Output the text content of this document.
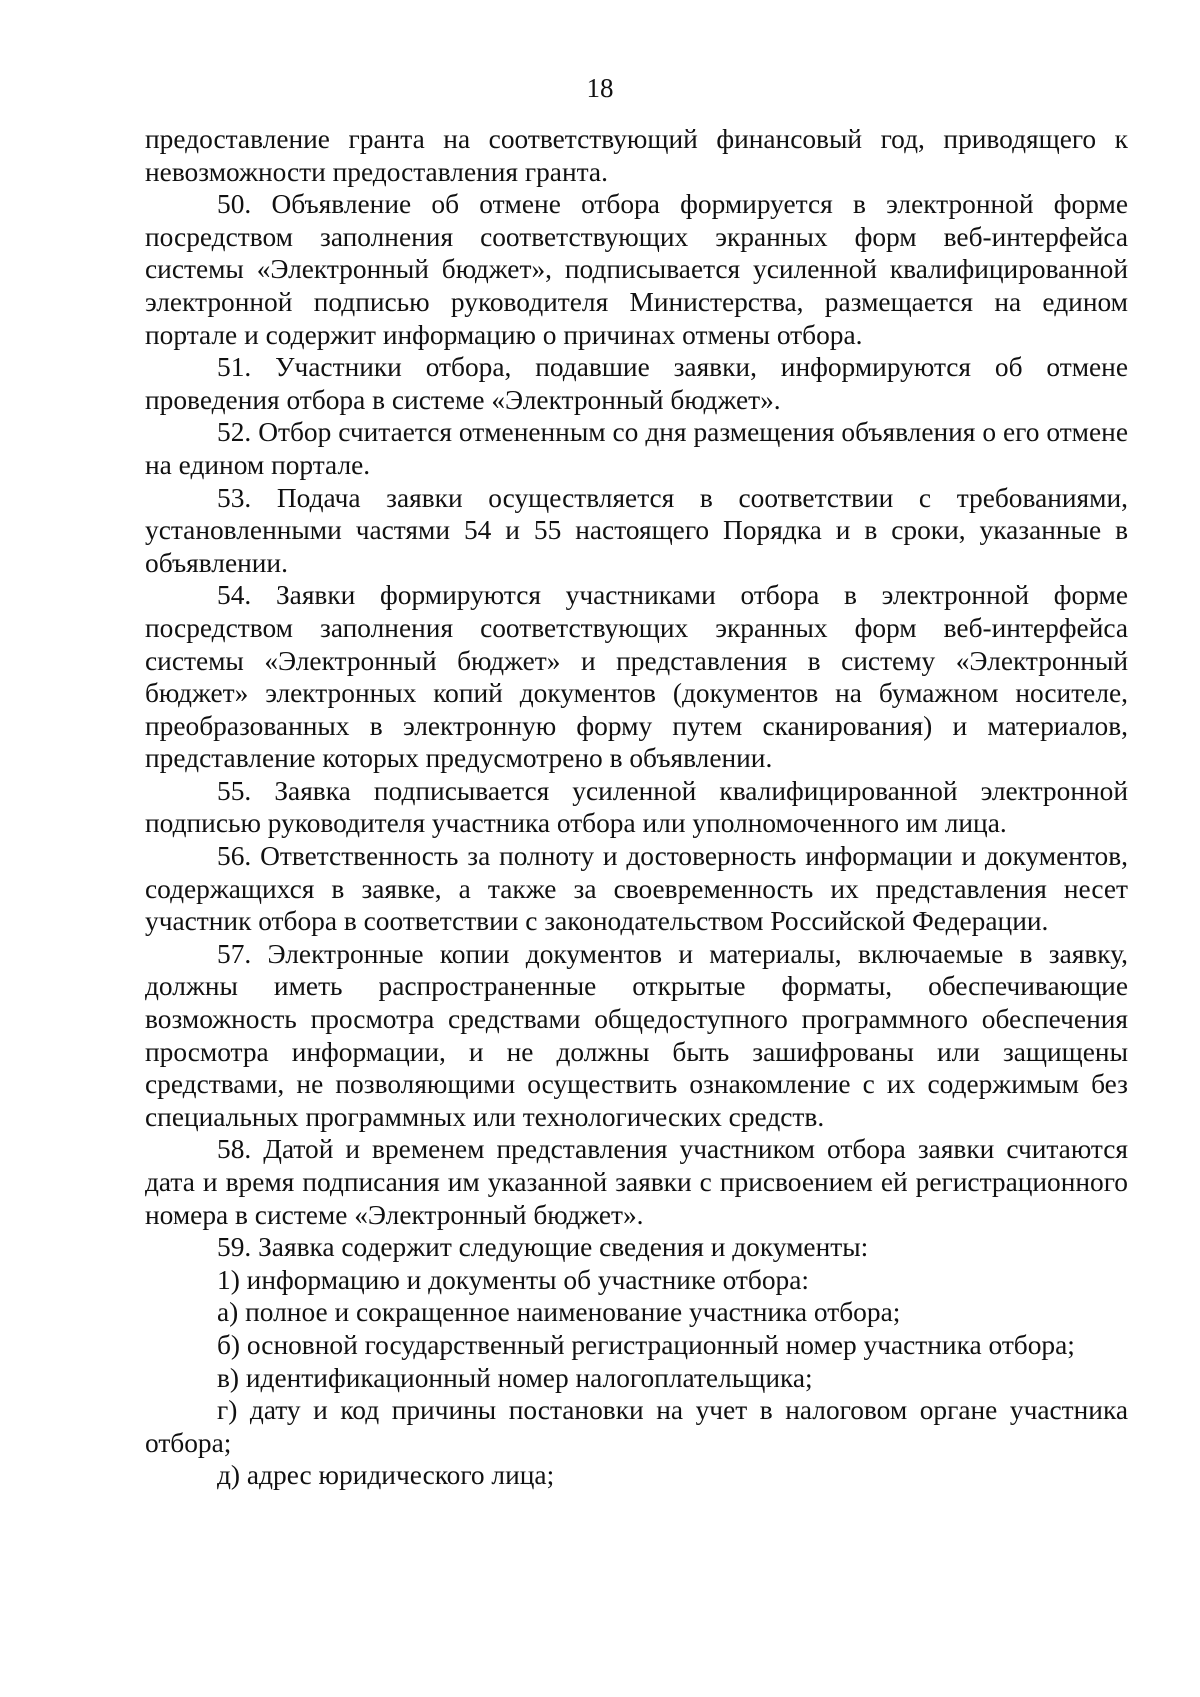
18

предоставление гранта на соответствующий финансовый год, приводящего к невозможности предоставления гранта.

50. Объявление об отмене отбора формируется в электронной форме посредством заполнения соответствующих экранных форм веб-интерфейса системы «Электронный бюджет», подписывается усиленной квалифицированной электронной подписью руководителя Министерства, размещается на едином портале и содержит информацию о причинах отмены отбора.

51. Участники отбора, подавшие заявки, информируются об отмене проведения отбора в системе «Электронный бюджет».

52. Отбор считается отмененным со дня размещения объявления о его отмене на едином портале.

53. Подача заявки осуществляется в соответствии с требованиями, установленными частями 54 и 55 настоящего Порядка и в сроки, указанные в объявлении.

54. Заявки формируются участниками отбора в электронной форме посредством заполнения соответствующих экранных форм веб-интерфейса системы «Электронный бюджет» и представления в систему «Электронный бюджет» электронных копий документов (документов на бумажном носителе, преобразованных в электронную форму путем сканирования) и материалов, представление которых предусмотрено в объявлении.

55. Заявка подписывается усиленной квалифицированной электронной подписью руководителя участника отбора или уполномоченного им лица.

56. Ответственность за полноту и достоверность информации и документов, содержащихся в заявке, а также за своевременность их представления несет участник отбора в соответствии с законодательством Российской Федерации.

57. Электронные копии документов и материалы, включаемые в заявку, должны иметь распространенные открытые форматы, обеспечивающие возможность просмотра средствами общедоступного программного обеспечения просмотра информации, и не должны быть зашифрованы или защищены средствами, не позволяющими осуществить ознакомление с их содержимым без специальных программных или технологических средств.

58. Датой и временем представления участником отбора заявки считаются дата и время подписания им указанной заявки с присвоением ей регистрационного номера в системе «Электронный бюджет».

59. Заявка содержит следующие сведения и документы:

1) информацию и документы об участнике отбора:

а) полное и сокращенное наименование участника отбора;

б) основной государственный регистрационный номер участника отбора;

в) идентификационный номер налогоплательщика;

г) дату и код причины постановки на учет в налоговом органе участника отбора;

д) адрес юридического лица;
